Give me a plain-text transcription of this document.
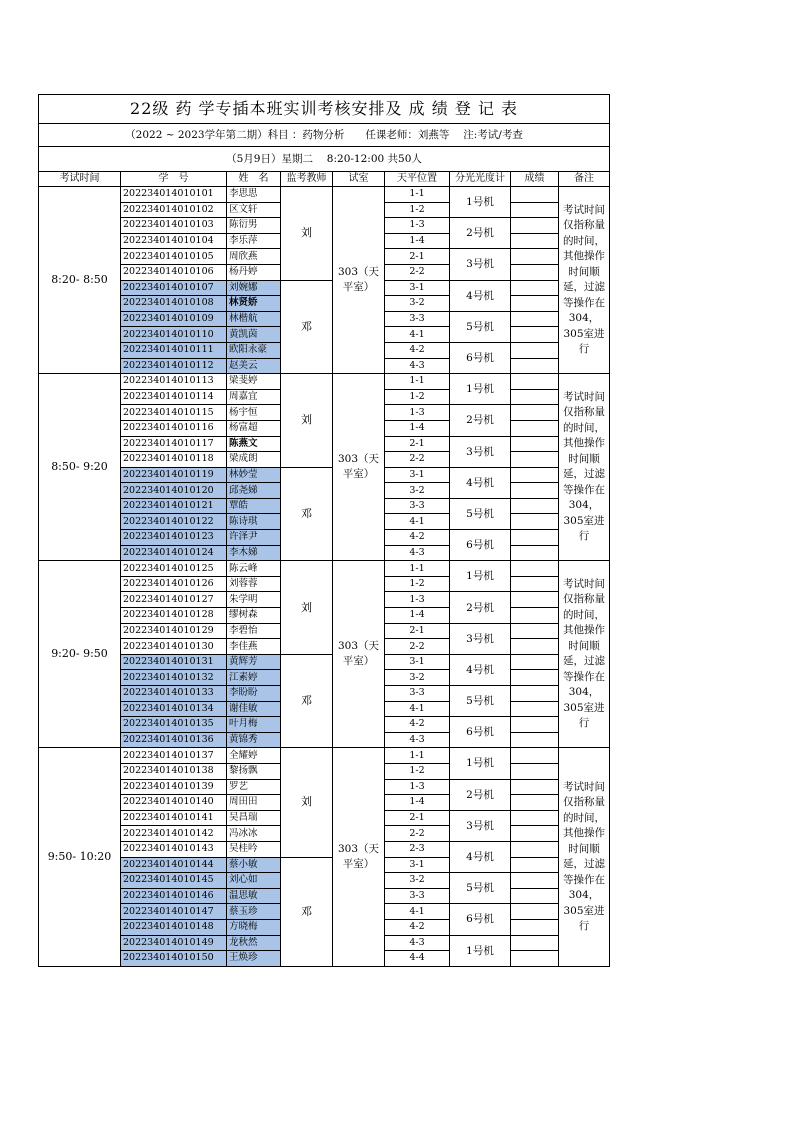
22级 药 学专插本班实训考核安排及 成 绩 登 记 表								
（2022 ~ 2023学年第二期）科目 ：药物分析　　任课老师：刘燕等　 注:考试/考查								
（5月9日）星期二　 8:20-12:00 共50人								
考试时间	学　号	姓　名	监考教师	试室	天平位置	分光光度计	成绩	备注
8:20- 8:50	202234014010101	李思思	刘	303（天平室）	1-1	1号机		考试时间仅指称量的时间，其他操作时间顺延，过滤等操作在304，305室进行
	202234014010102	区文轩			1-2			
	202234014010103	陈衍男			1-3	2号机		
	202234014010104	李乐萍			1-4			
	202234014010105	周欣燕			2-1	3号机		
	202234014010106	杨丹婷			2-2			
	202234014010107	刘婉娜	邓		3-1	4号机		
	202234014010108	林贤娇			3-2			
	202234014010109	林楷航			3-3	5号机		
	202234014010110	黄凯茵			4-1			
	202234014010111	欧阳永豪			4-2	6号机		
	202234014010112	赵美云			4-3			
8:50- 9:20	202234014010113	梁斐婷	刘	303（天平室）	1-1	1号机		考试时间仅指称量的时间，其他操作时间顺延，过滤等操作在304，305室进行
	202234014010114	周嘉宜			1-2			
	202234014010115	杨宇恒			1-3	2号机		
	202234014010116	杨富超			1-4			
	202234014010117	陈燕文			2-1	3号机		
	202234014010118	梁成朗			2-2			
	202234014010119	林妙莹	邓		3-1	4号机		
	202234014010120	邱尧娣			3-2			
	202234014010121	覃皓			3-3	5号机		
	202234014010122	陈诗琪			4-1			
	202234014010123	许泽尹			4-2	6号机		
	202234014010124	李木娣			4-3			
9:20- 9:50	202234014010125	陈云峰	刘	303（天平室）	1-1	1号机		考试时间仅指称量的时间，其他操作时间顺延，过滤等操作在304，305室进行
	202234014010126	刘蓉蓉			1-2			
	202234014010127	朱学明			1-3	2号机		
	202234014010128	缪树森			1-4			
	202234014010129	李碧怡			2-1	3号机		
	202234014010130	李佳燕			2-2			
	202234014010131	黄辉芳	邓		3-1	4号机		
	202234014010132	江素婷			3-2			
	202234014010133	李盼盼			3-3	5号机		
	202234014010134	谢佳敏			4-1			
	202234014010135	叶月梅			4-2	6号机		
	202234014010136	黄锦秀			4-3			
9:50- 10:20	202234014010137	全耀婷	刘	303（天平室）	1-1	1号机		考试时间仅指称量的时间，其他操作时间顺延，过滤等操作在304，305室进行
	202234014010138	黎扬飘			1-2			
	202234014010139	罗艺			1-3	2号机		
	202234014010140	周田田			1-4			
	202234014010141	吴昌瑞			2-1	3号机		
	202234014010142	冯冰冰			2-2			
	202234014010143	吴桂吟			2-3	4号机		
	202234014010144	蔡小敏	邓		3-1			
	202234014010145	刘心如			3-2	5号机		
	202234014010146	温思敏			3-3			
	202234014010147	蔡玉珍			4-1	6号机		
	202234014010148	方晓梅			4-2			
	202234014010149	龙秋然			4-3	1号机		
	202234014010150	王焕珍			4-4			
